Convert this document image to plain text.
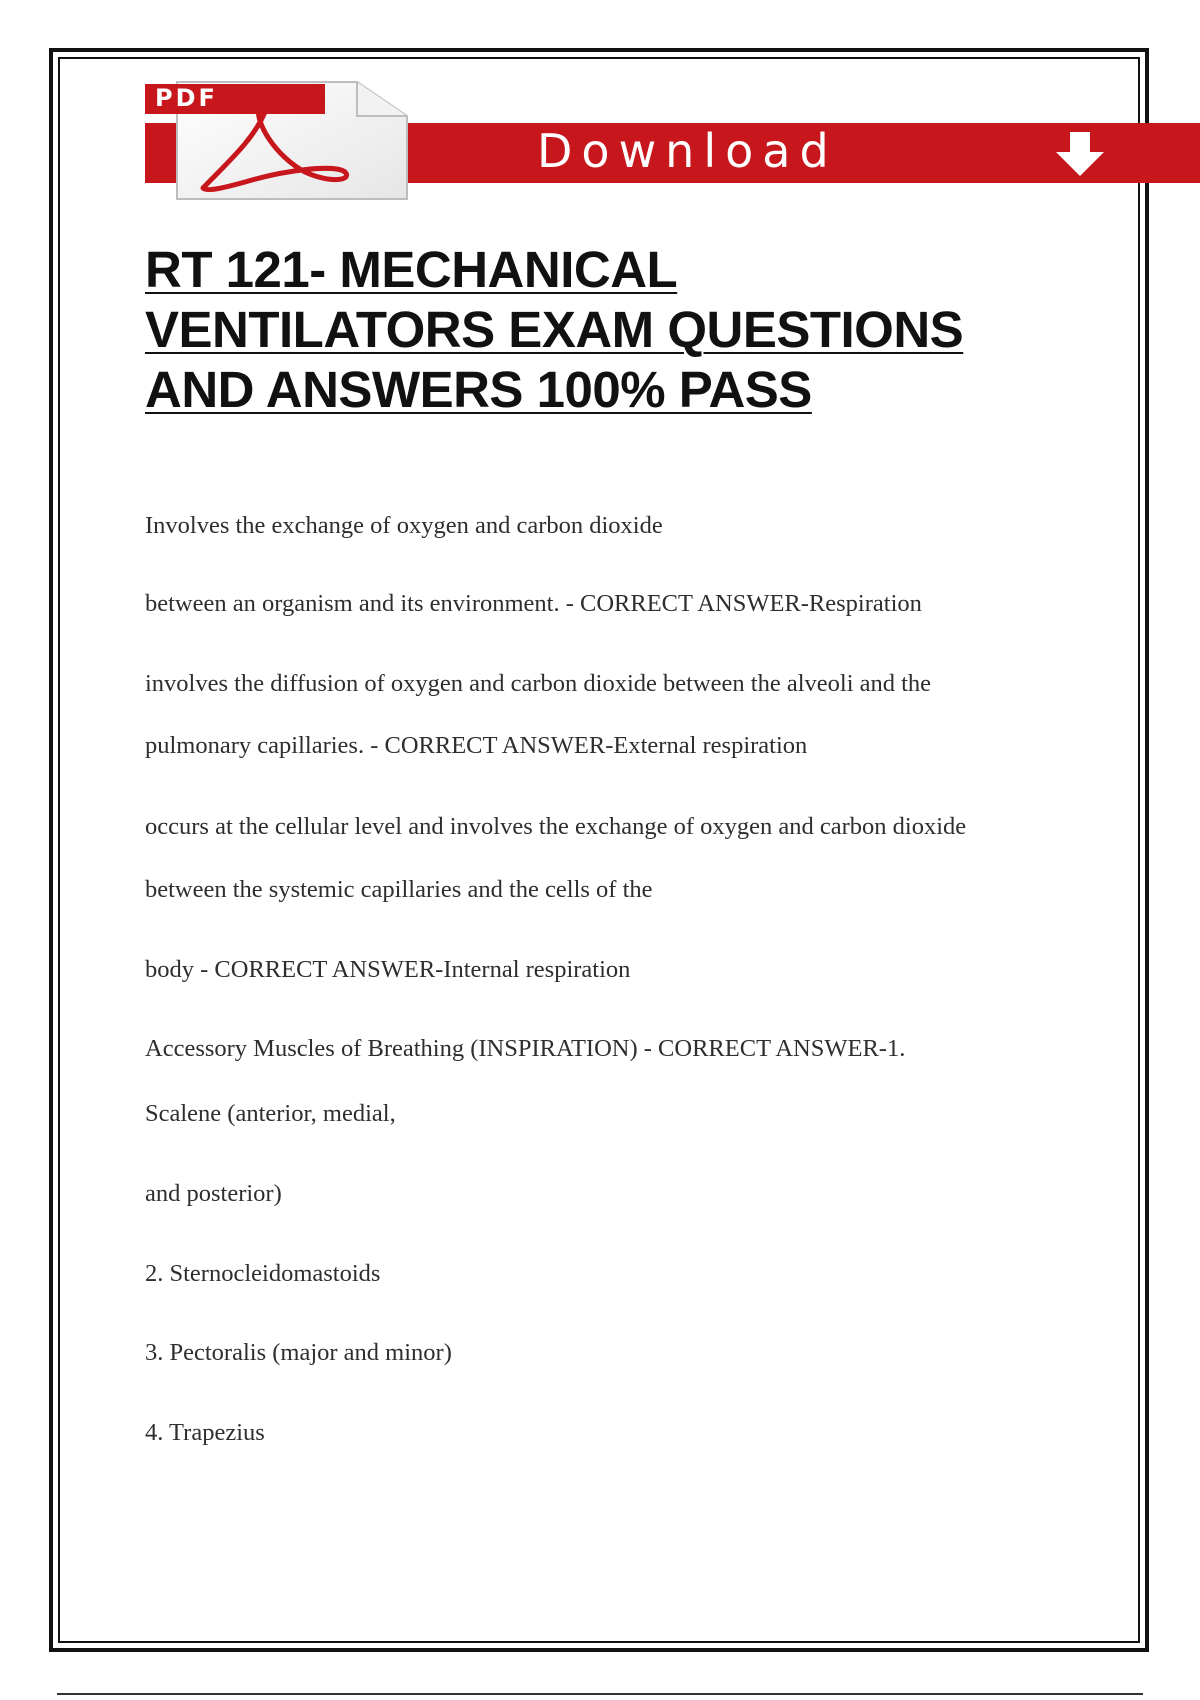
Download
PDF
RT 121- MECHANICAL
VENTILATORS EXAM QUESTIONS
AND ANSWERS 100% PASS

Involves the exchange of oxygen and carbon dioxide

between an organism and its environment. - CORRECT ANSWER-Respiration

involves the diffusion of oxygen and carbon dioxide between the alveoli and the

pulmonary capillaries. - CORRECT ANSWER-External respiration

occurs at the cellular level and involves the exchange of oxygen and carbon dioxide

between the systemic capillaries and the cells of the

body - CORRECT ANSWER-Internal respiration

Accessory Muscles of Breathing (INSPIRATION) - CORRECT ANSWER-1.

Scalene (anterior, medial,

and posterior)

2. Sternocleidomastoids

3. Pectoralis (major and minor)

4. Trapezius
